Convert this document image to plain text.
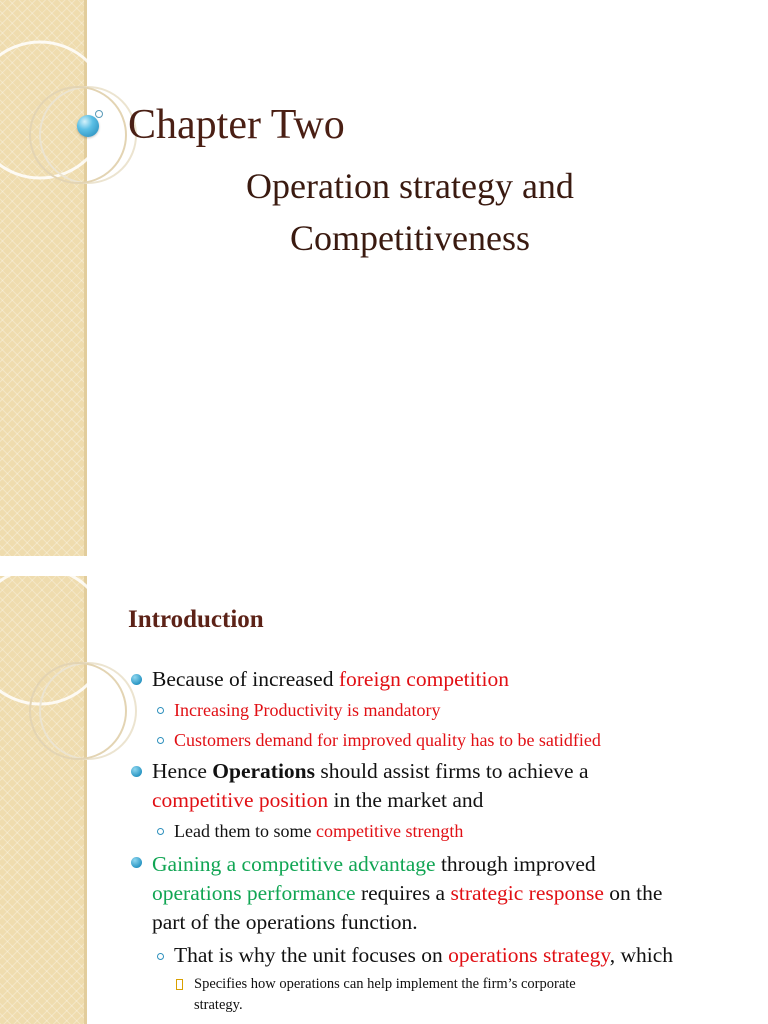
Chapter Two
Operation strategy and
Competitiveness
Introduction

Because of increased foreign competition

Increasing Productivity is mandatory

Customers demand for improved quality has to be satidfied

Hence Operations should assist firms to achieve a
competitive position in the market and

Lead them to some competitive strength

Gaining a competitive advantage through improved
operations performance requires a strategic response on the
part of the operations function.

That is why the unit focuses on operations strategy, which

Specifies how operations can help implement the firm’s corporate
strategy.
